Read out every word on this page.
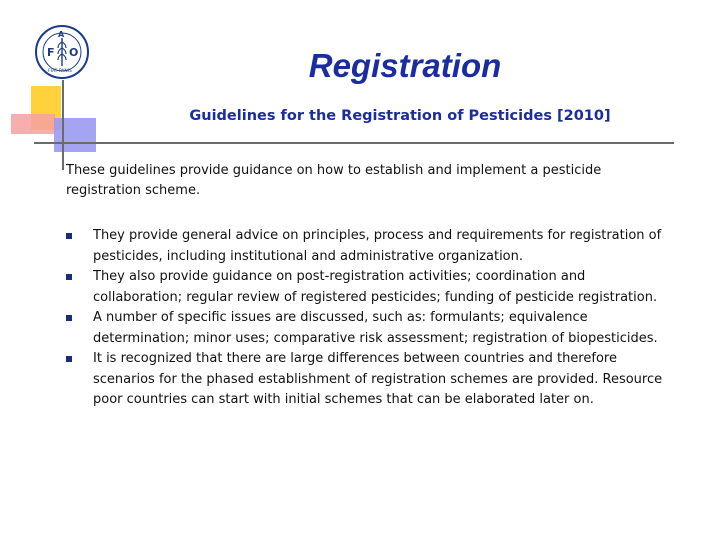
F
A
O
FIAT PANIS	Registration
Guidelines for the Registration of Pesticides [2010]
These guidelines provide guidance on how to establish and implement a pesticide registration scheme.
They provide general advice on principles, process and requirements for registration of pesticides, including institutional and administrative organization.
They also provide guidance on post-registration activities; coordination and collaboration; regular review of registered pesticides; funding of pesticide registration.
A number of specific issues are discussed, such as: formulants; equivalence determination; minor uses; comparative risk assessment; registration of biopesticides.
It is recognized that there are large differences between countries and therefore scenarios for the phased establishment of registration schemes are provided. Resource poor countries can start with initial schemes that can be elaborated later on.
